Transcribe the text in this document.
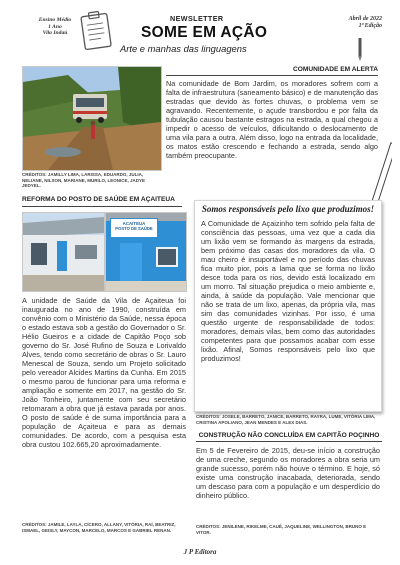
Ensino Médio
1 Ano
Vila Indaú
NEWSLETTER
SOME EM AÇÃO
Arte e manhas das linguagens
Abril de 2022
1ª Edição
CRÉDITOS: JAMILLY LIMA, LARISSA, EDUARDO, JULIA, NELIANE, NILSON, MARIANE, MURILO, LEONICE, JADYE JEDYEL.
COMUNIDADE EM ALERTA
Na comunidade de Bom Jardim, os moradores sofrem com a falta de infraestrutura (saneamento básico) e de manutenção das estradas que devido às fortes chuvas, o problema vem se agravando. Recentemente, o açude transbordou e por falta da tubulação causou bastante estragos na estrada, a qual chegou a impedir o acesso de veículos, dificultando o deslocamento de uma vila para a outra. Além disso, logo na entrada da localidade, os matos estão crescendo e fechando a estrada, sendo algo também preocupante.
REFORMA DO POSTO DE SAÚDE EM AÇAITEUA
ACAITEUA
POSTO DE SAÚDE
A unidade de Saúde da Vila de Açaiteua foi inaugurada no ano de 1990, construída em convênio com o Ministério da Saúde, nessa época o estado estava sob a gestão do Governador o Sr. Hélio Gueiros e a cidade de Capitão Poço sob governo do Sr. José Rufino de Souza e Lorivaldo Alves, tendo como secretário de obras o Sr. Lauro Menescal de Souza, sendo um Projeto solicitado pelo vereador Alcides Martins da Cunha. Em 2015 o mesmo parou de funcionar para uma reforma e ampliação e somente em 2017, na gestão do Sr. João Tonheiro, juntamente com seu secretário retomaram a obra que já estava parada por anos. O posto de saúde é de suma importância para a população de Açaiteua e para as demais comunidades. De acordo, com a pesquisa esta obra custou 102.665,20 aproximadamente.
CRÉDITOS: JAMILE, LAYLA, CÍCERO, ALLANY, VITÓRIA, RAÍ, BEATRIZ, ISMAEL, GEISLY, MAYCON, MARCELO, MARCOS E GABRIEL RENAN.
Somos responsáveis pelo lixo que produzimos!
A Comunidade de Açaizinho tem sofrido pela falta de consciência das pessoas, uma vez que a cada dia um lixão vem se formando às margens da estrada, bem próximo das casas dos moradores da vila. O mau cheiro é insuportável e no período das chuvas fica muito pior, pois a lama que se forma no lixão desce toda para os rios, devido está localizado em um morro. Tal situação prejudica o meio ambiente e, ainda, à saúde da população. Vale mencionar que não se trata de um lixo, apenas, da própria vila, mas sim das comunidades vizinhas. Por isso, é uma questão urgente de responsabilidade de todos: moradores, demais vilas, bem como das autoridades competentes para que possamos acabar com esse lixão. Afinal, Somos responsáveis pelo lixo que produzimos!
CRÉDITOS: JOSELE, BARRETO, JANICE, BARRETO, RAYRA, LUME, VITÓRIA LIMA, CRISTINA APOLIANO, JEAN MENDES E ALEX DIAS.
CONSTRUÇÃO NÃO CONCLUÍDA EM CAPITÃO POÇINHO
Em 5 de Fevereiro de 2015, deu-se início a construção de uma creche, segundo os moradores a obra seria um grande sucesso, porém não houve o término. E hoje, só existe uma construção inacabada, deteriorada, sendo um descaso para com a população e um desperdício do dinheiro público.
CRÉDITOS: JENILENE, RIKELME, CAUÊ, JAQUELINE, WELLINGTON, BRUNO E VITOR.
J P Editora
